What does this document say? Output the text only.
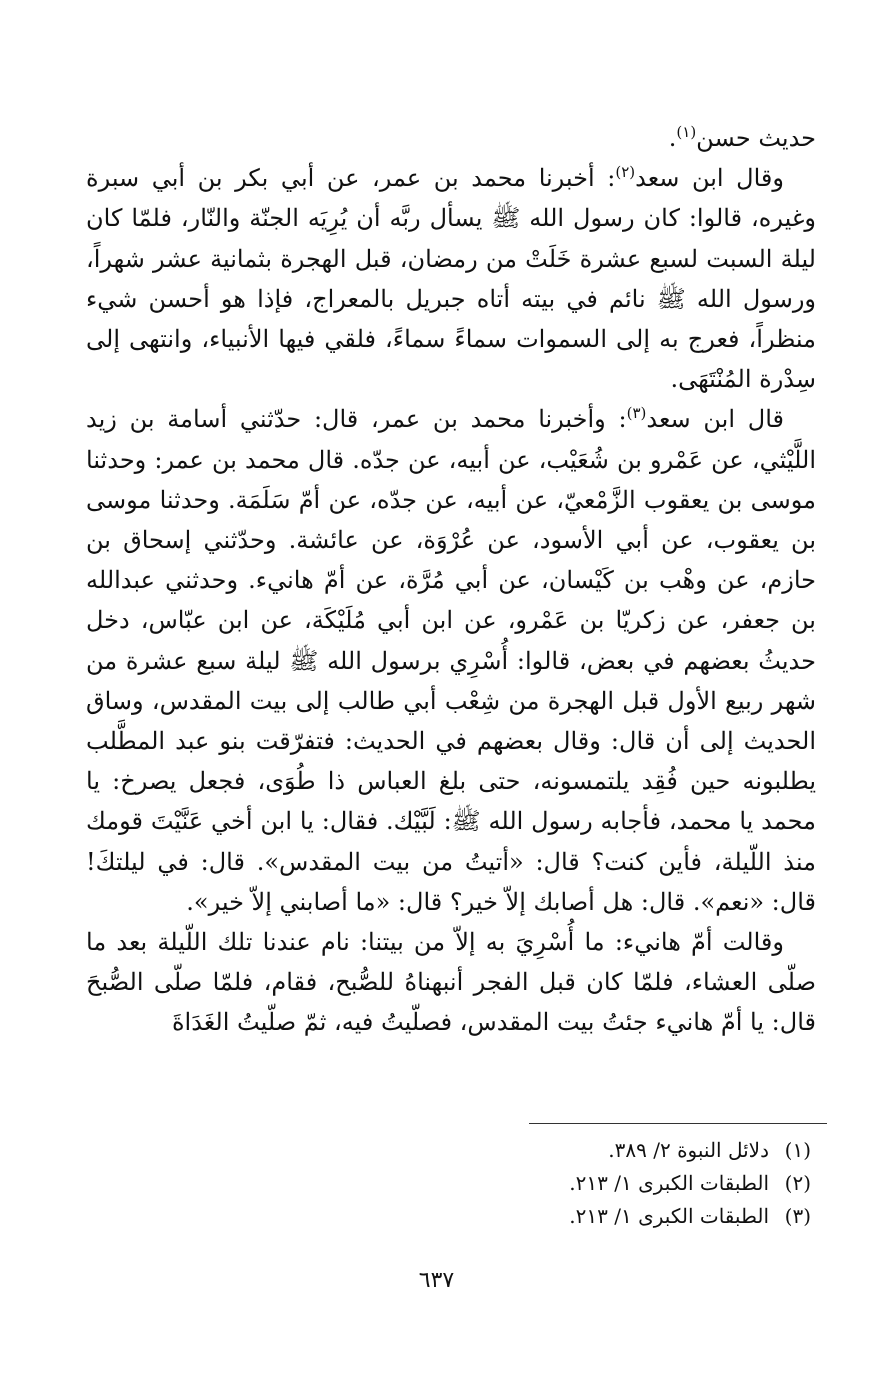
حديث حسن$^{(١)}$.

وقال ابن سعد$^{(٢)}$: أخبرنا محمد بن عمر، عن أبي بكر بن أبي سبرة وغيره، قالوا: كان رسول الله ﷺ يسأل ربَّه أن يُرِيَه الجنّة والنّار، فلمّا كان ليلة السبت لسبع عشرة خَلَتْ من رمضان، قبل الهجرة بثمانية عشر شهراً، ورسول الله ﷺ نائم في بيته أتاه جبريل بالمعراج، فإذا هو أحسن شيء منظراً، فعرج به إلى السموات سماءً سماءً، فلقي فيها الأنبياء، وانتهى إلى سِدْرة المُنْتَهَى.

قال ابن سعد$^{(٣)}$: وأخبرنا محمد بن عمر، قال: حدّثني أسامة بن زيد اللَّيْثي، عن عَمْرو بن شُعَيْب، عن أبيه، عن جدّه. قال محمد بن عمر: وحدثنا موسى بن يعقوب الزَّمْعيّ، عن أبيه، عن جدّه، عن أمّ سَلَمَة. وحدثنا موسى بن يعقوب، عن أبي الأسود، عن عُرْوَة، عن عائشة. وحدّثني إسحاق بن حازم، عن وهْب بن كَيْسان، عن أبي مُرَّة، عن أمّ هانيء. وحدثني عبدالله بن جعفر، عن زكريّا بن عَمْرو، عن ابن أبي مُلَيْكَة، عن ابن عبّاس، دخل حديثُ بعضهم في بعض، قالوا: أُسْرِي برسول الله ﷺ ليلة سبع عشرة من شهر ربيع الأول قبل الهجرة من شِعْب أبي طالب إلى بيت المقدس، وساق الحديث إلى أن قال: وقال بعضهم في الحديث: فتفرّقت بنو عبد المطَّلب يطلبونه حين فُقِد يلتمسونه، حتى بلغ العباس ذا طُوَى، فجعل يصرخ: يا محمد يا محمد، فأجابه رسول الله ﷺ: لَبَّيْك. فقال: يا ابن أخي عَنَّيْتَ قومك منذ اللّيلة، فأين كنت؟ قال: «أتيتُ من بيت المقدس». قال: في ليلتكَ! قال: «نعم». قال: هل أصابك إلاّ خير؟ قال: «ما أصابني إلاّ خير».

وقالت أمّ هانيء: ما أُسْرِيَ به إلاّ من بيتنا: نام عندنا تلك اللّيلة بعد ما صلّى العشاء، فلمّا كان قبل الفجر أنبهناهُ للصُّبح، فقام، فلمّا صلّى الصُّبحَ قال: يا أمّ هانيء جئتُ بيت المقدس، فصلّيتُ فيه، ثمّ صلّيتُ الغَدَاةَ

(١)
دلائل النبوة ٢/ ٣٨٩.
(٢)
الطبقات الكبرى ١/ ٢١٣.
(٣)
الطبقات الكبرى ١/ ٢١٣.
٦٣٧
